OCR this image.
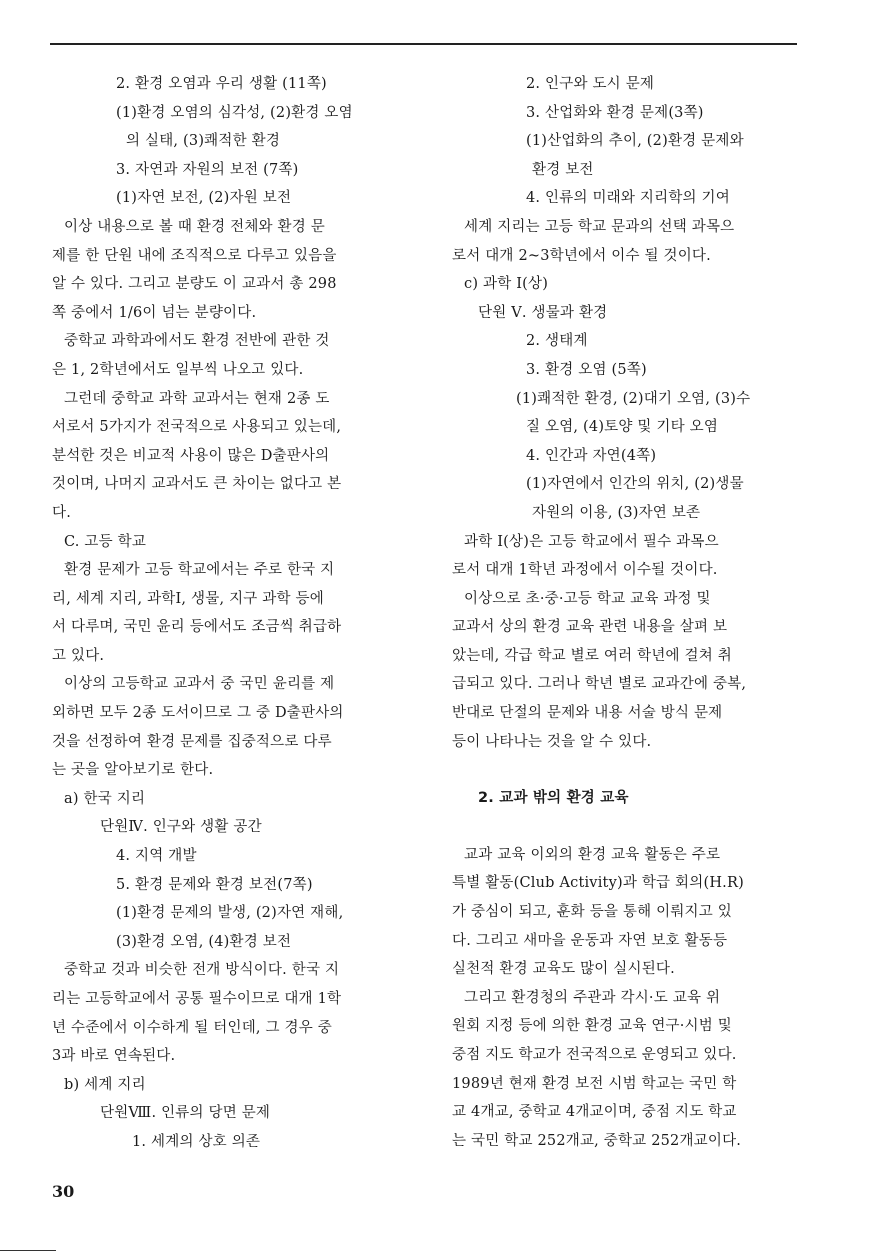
2. 환경 오염과 우리 생활 (11쪽)
(1)환경 오염의 심각성, (2)환경 오염
의 실태, (3)쾌적한 환경
3. 자연과 자원의 보전 (7쪽)
(1)자연 보전, (2)자원 보전
이상 내용으로 볼 때 환경 전체와 환경 문
제를 한 단원 내에 조직적으로 다루고 있음을
알 수 있다. 그리고 분량도 이 교과서 총 298
쪽 중에서 1/6이 넘는 분량이다.
중학교 과학과에서도 환경 전반에 관한 것
은 1, 2학년에서도 일부씩 나오고 있다.
그런데 중학교 과학 교과서는 현재 2종 도
서로서 5가지가 전국적으로 사용되고 있는데,
분석한 것은 비교적 사용이 많은 D출판사의
것이며, 나머지 교과서도 큰 차이는 없다고 본
다.
C. 고등 학교
환경 문제가 고등 학교에서는 주로 한국 지
리, 세계 지리, 과학Ⅰ, 생물, 지구 과학 등에
서 다루며, 국민 윤리 등에서도 조금씩 취급하
고 있다.
이상의 고등학교 교과서 중 국민 윤리를 제
외하면 모두 2종 도서이므로 그 중 D출판사의
것을 선정하여 환경 문제를 집중적으로 다루
는 곳을 알아보기로 한다.
a) 한국 지리
단원Ⅳ. 인구와 생활 공간
4. 지역 개발
5. 환경 문제와 환경 보전(7쪽)
(1)환경 문제의 발생, (2)자연 재해,
(3)환경 오염, (4)환경 보전
중학교 것과 비슷한 전개 방식이다. 한국 지
리는 고등학교에서 공통 필수이므로 대개 1학
년 수준에서 이수하게 될 터인데, 그 경우 중
3과 바로 연속된다.
b) 세계 지리
단원Ⅷ. 인류의 당면 문제
1. 세계의 상호 의존
2. 인구와 도시 문제
3. 산업화와 환경 문제(3쪽)
(1)산업화의 추이, (2)환경 문제와
환경 보전
4. 인류의 미래와 지리학의 기여
세계 지리는 고등 학교 문과의 선택 과목으
로서 대개 2~3학년에서 이수 될 것이다.
c) 과학 Ⅰ(상)
단원 Ⅴ. 생물과 환경
2. 생태계
3. 환경 오염 (5쪽)
(1)쾌적한 환경, (2)대기 오염, (3)수
질 오염, (4)토양 및 기타 오염
4. 인간과 자연(4쪽)
(1)자연에서 인간의 위치, (2)생물
자원의 이용, (3)자연 보존
과학 Ⅰ(상)은 고등 학교에서 필수 과목으
로서 대개 1학년 과정에서 이수될 것이다.
이상으로 초·중·고등 학교 교육 과정 및
교과서 상의 환경 교육 관련 내용을 살펴 보
았는데, 각급 학교 별로 여러 학년에 걸쳐 취
급되고 있다. 그러나 학년 별로 교과간에 중복,
반대로 단절의 문제와 내용 서술 방식 문제
등이 나타나는 것을 알 수 있다.
2. 교과 밖의 환경 교육
교과 교육 이외의 환경 교육 활동은 주로
특별 활동(Club Activity)과 학급 회의(H.R)
가 중심이 되고, 훈화 등을 통해 이뤄지고 있
다. 그리고 새마을 운동과 자연 보호 활동등
실천적 환경 교육도 많이 실시된다.
그리고 환경청의 주관과 각시·도 교육 위
원회 지정 등에 의한 환경 교육 연구·시범 및
중점 지도 학교가 전국적으로 운영되고 있다.
1989년 현재 환경 보전 시범 학교는 국민 학
교 4개교, 중학교 4개교이며, 중점 지도 학교
는 국민 학교 252개교, 중학교 252개교이다.
30
